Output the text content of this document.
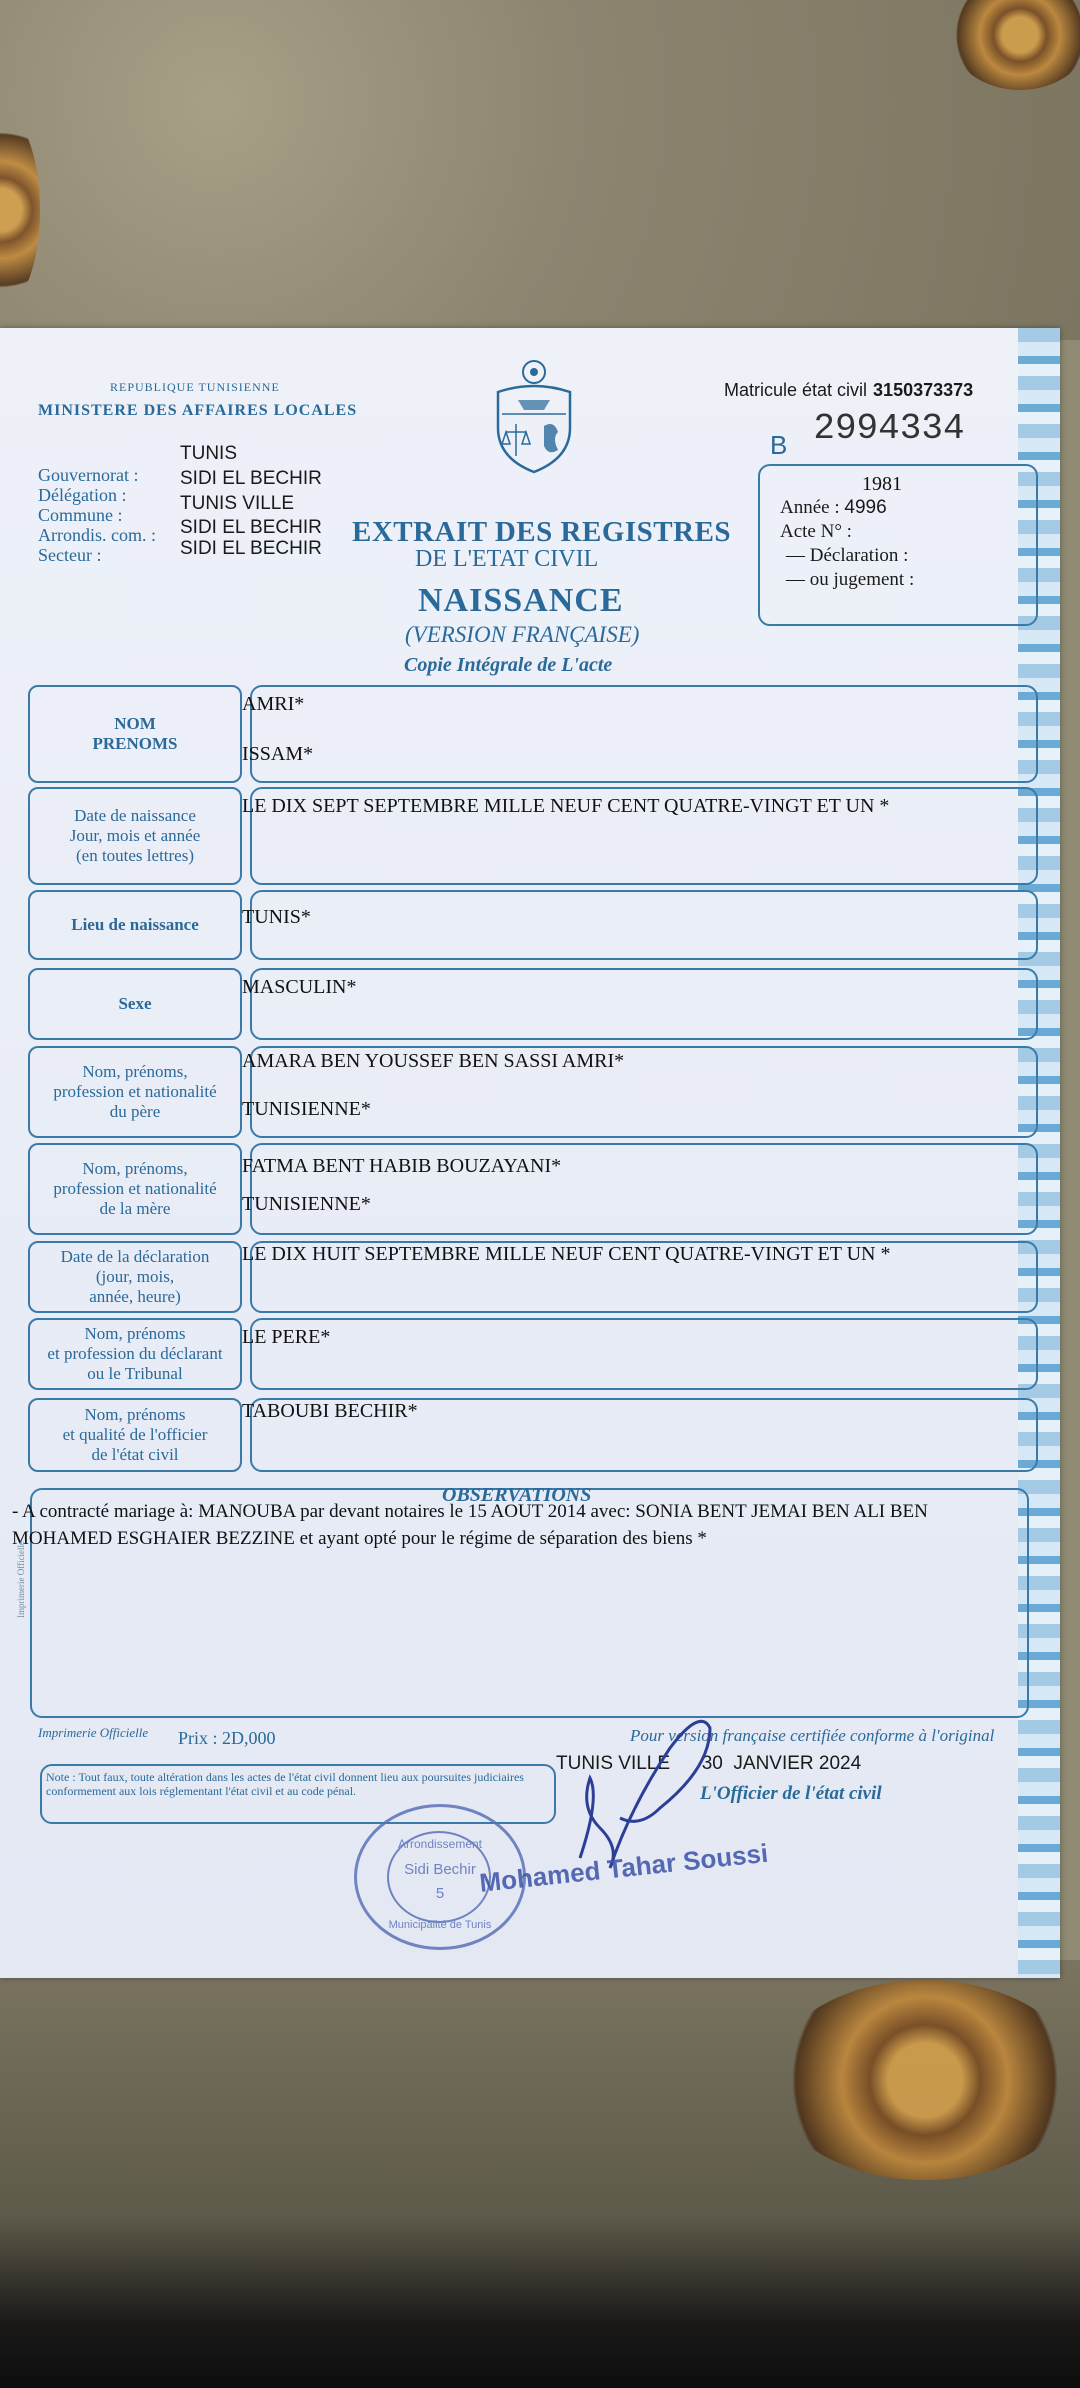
REPUBLIQUE TUNISIENNE
MINISTERE DES AFFAIRES LOCALES
Gouvernorat :
Délégation :
Commune :
Arrondis. com. :
Secteur :
TUNIS
SIDI EL BECHIR
TUNIS VILLE
SIDI EL BECHIR
SIDI EL BECHIR
EXTRAIT DES REGISTRES
DE L'ETAT CIVIL
NAISSANCE
(VERSION FRANÇAISE)
Copie Intégrale de L'acte
Matricule état civil 3150373373
$_B$ 2994334
1981
Année : 4996
Acte N° :
— Déclaration :
— ou jugement :
NOM
PRENOMS
AMRI*
ISSAM*
Date de naissance
Jour, mois et année
(en toutes lettres)
LE DIX SEPT SEPTEMBRE MILLE NEUF CENT QUATRE-VINGT ET UN *
Lieu de naissance TUNIS*
Sexe
MASCULIN*
Nom, prénoms,
profession et nationalité
du père
AMARA BEN YOUSSEF BEN SASSI AMRI*
TUNISIENNE*
Nom, prénoms,
profession et nationalité
de la mère
FATMA BENT HABIB BOUZAYANI*
TUNISIENNE*
Date de la déclaration
(jour, mois,
année, heure)
LE DIX HUIT SEPTEMBRE MILLE NEUF CENT QUATRE-VINGT ET UN *
Nom, prénoms
et profession du déclarant
ou le Tribunal
LE PERE*
Nom, prénoms
et qualité de l'officier
de l'état civil
TABOUBI BECHIR*
OBSERVATIONS
- A contracté mariage à: MANOUBA par devant notaires le 15 AOUT 2014 avec: SONIA BENT JEMAI BEN ALI BEN MOHAMED ESGHAIER BEZZINE et ayant opté pour le régime de séparation des biens *
Imprimerie Officielle
Imprimerie Officielle Prix : 2D,000	Pour version française certifiée conforme à l'original
TUNIS VILLE      30  JANVIER 2024
L'Officier de l'état civil
Note : Tout faux, toute altération dans les actes de l'état civil donnent lieu aux poursuites judiciaires conformement aux lois réglementant l'état civil et au code pénal.
Arrondissement
Sidi Bechir
5
Municipalité de Tunis
Mohamed Tahar Soussi
